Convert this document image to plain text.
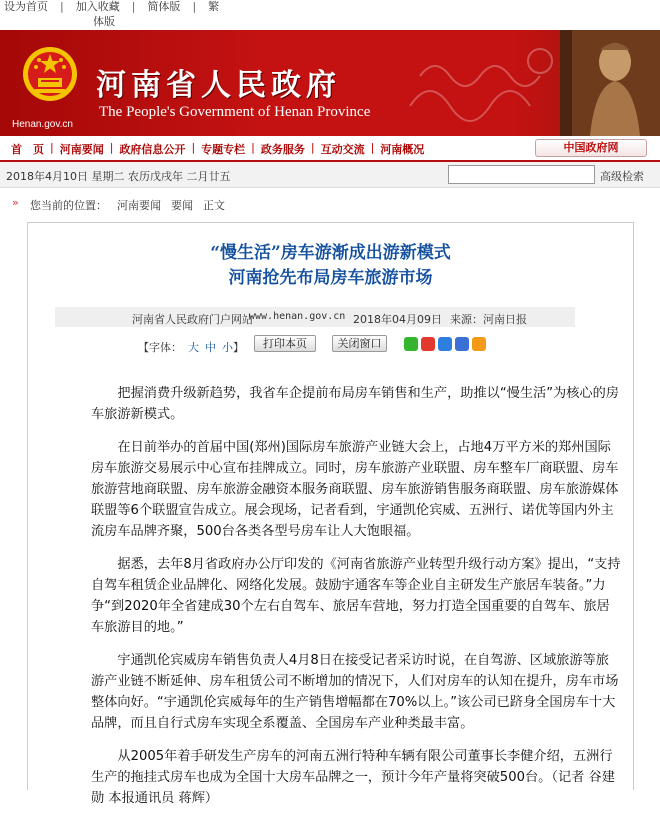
设为首页	|	加入收藏	|	简体版	|	繁
体版
Henan.gov.cn
河南省人民政府
The People's Government of Henan Province
首　页 | 河南要闻 | 政府信息公开 | 专题专栏 | 政务服务 | 互动交流 | 河南概况	中国政府网
2018年4月10日 星期二 农历戊戌年 二月廿五	高级检索
» 您当前的位置： 河南要闻 要闻 正文
“慢生活”房车游渐成出游新模式
河南抢先布局房车旅游市场
河南省人民政府门户网站
www.henan.gov.cn 2018年04月09日 来源：河南日报
【字体： 大 中 小】	打印本页	关闭窗口

把握消费升级新趋势，我省车企提前布局房车销售和生产，助推以“慢生活”为核心的房车旅游新模式。

在日前举办的首届中国(郑州)国际房车旅游产业链大会上，占地4万平方米的郑州国际房车旅游交易展示中心宣布挂牌成立。同时，房车旅游产业联盟、房车整车厂商联盟、房车旅游营地商联盟、房车旅游金融资本服务商联盟、房车旅游销售服务商联盟、房车旅游媒体联盟等6个联盟宣告成立。展会现场，记者看到，宇通凯伦宾威、五洲行、诺优等国内外主流房车品牌齐聚，500台各类各型号房车让人大饱眼福。

据悉，去年8月省政府办公厅印发的《河南省旅游产业转型升级行动方案》提出，“支持自驾车租赁企业品牌化、网络化发展。鼓励宇通客车等企业自主研发生产旅居车装备。”力争“到2020年全省建成30个左右自驾车、旅居车营地，努力打造全国重要的自驾车、旅居车旅游目的地。”

宇通凯伦宾威房车销售负责人4月8日在接受记者采访时说，在自驾游、区域旅游等旅游产业链不断延伸、房车租赁公司不断增加的情况下，人们对房车的认知在提升，房车市场整体向好。“宇通凯伦宾威每年的生产销售增幅都在70%以上。”该公司已跻身全国房车十大品牌，而且自行式房车实现全系覆盖、全国房车产业种类最丰富。

从2005年着手研发生产房车的河南五洲行特种车辆有限公司董事长李健介绍，五洲行生产的拖挂式房车也成为全国十大房车品牌之一，预计今年产量将突破500台。（记者 谷建勋 本报通讯员 蒋辉）
